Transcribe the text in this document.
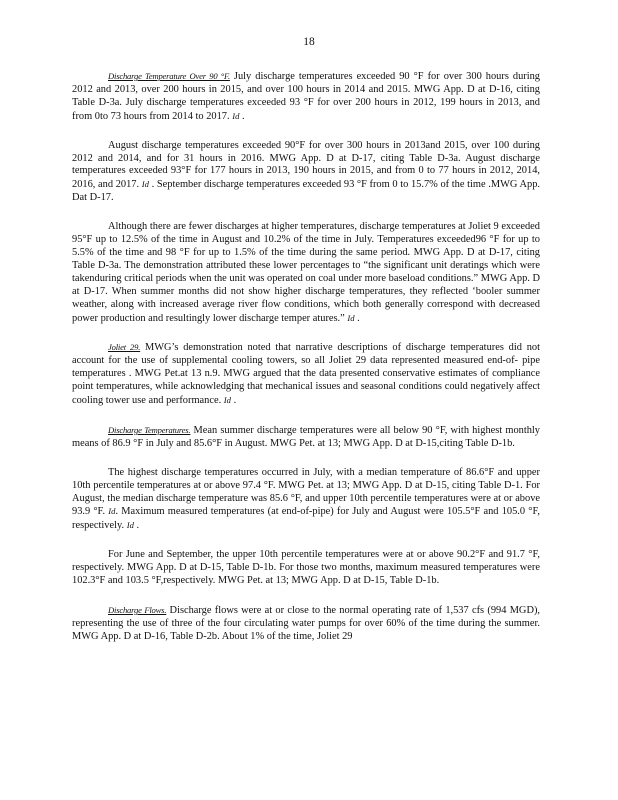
18

Discharge Temperature Over 90 °F. July discharge temperatures exceeded 90 °F for over 300 hours during 2012 and 2013, over 200 hours in 2015, and over 100 hours in 2014 and 2015. MWG App. D at D-16, citing Table D-3a. July discharge temperatures exceeded 93 °F for over 200 hours in 2012, 199 hours in 2013, and from 0to 73 hours from 2014 to 2017. Id .

August discharge temperatures exceeded 90°F for over 300 hours in 2013and 2015, over 100 during 2012 and 2014, and for 31 hours in 2016. MWG App. D at D-17, citing Table D-3a. August discharge temperatures exceeded 93°F for 177 hours in 2013, 190 hours in 2015, and from 0 to 77 hours in 2012, 2014, 2016, and 2017. Id . September discharge temperatures exceeded 93 °F from 0 to 15.7% of the time .MWG App. Dat D-17.

Although there are fewer discharges at higher temperatures, discharge temperatures at Joliet 9 exceeded 95°F up to 12.5% of the time in August and 10.2% of the time in July. Temperatures exceeded96 °F for up to 5.5% of the time and 98 °F for up to 1.5% of the time during the same period. MWG App. D at D-17, citing Table D-3a. The demonstration attributed these lower percentages to “the significant unit deratings which were takenduring critical periods when the unit was operated on coal under more baseload conditions.” MWG App. D at D-17. When summer months did not show higher discharge temperatures, they reflected ‘booler summer weather, along with increased average river flow conditions, which both generally correspond with decreased power production and resultingly lower discharge temper atures.” Id .

Joliet 29. MWG’s demonstration noted that narrative descriptions of discharge temperatures did not account for the use of supplemental cooling towers, so all Joliet 29 data represented measured end-of- pipe temperatures . MWG Pet.at 13 n.9. MWG argued that the data presented conservative estimates of compliance point temperatures, while acknowledging that mechanical issues and seasonal conditions could negatively affect cooling tower use and performance. Id .

Discharge Temperatures. Mean summer discharge temperatures were all below 90 °F, with highest monthly means of 86.9 °F in July and 85.6°F in August. MWG Pet. at 13; MWG App. D at D-15,citing Table D-1b.

The highest discharge temperatures occurred in July, with a median temperature of 86.6°F and upper 10th percentile temperatures at or above 97.4 °F. MWG Pet. at 13; MWG App. D at D-15, citing Table D-1. For August, the median discharge temperature was 85.6 °F, and upper 10th percentile temperatures were at or above 93.9 °F. Id. Maximum measured temperatures (at end-of-pipe) for July and August were 105.5°F and 105.0 °F, respectively. Id .

For June and September, the upper 10th percentile temperatures were at or above 90.2°F and 91.7 °F, respectively. MWG App. D at D-15, Table D-1b. For those two months, maximum measured temperatures were 102.3°F and 103.5 °F,respectively. MWG Pet. at 13; MWG App. D at D-15, Table D-1b.

Discharge Flows. Discharge flows were at or close to the normal operating rate of 1,537 cfs (994 MGD), representing the use of three of the four circulating water pumps for over 60% of the time during the summer. MWG App. D at D-16, Table D-2b. About 1% of the time, Joliet 29
